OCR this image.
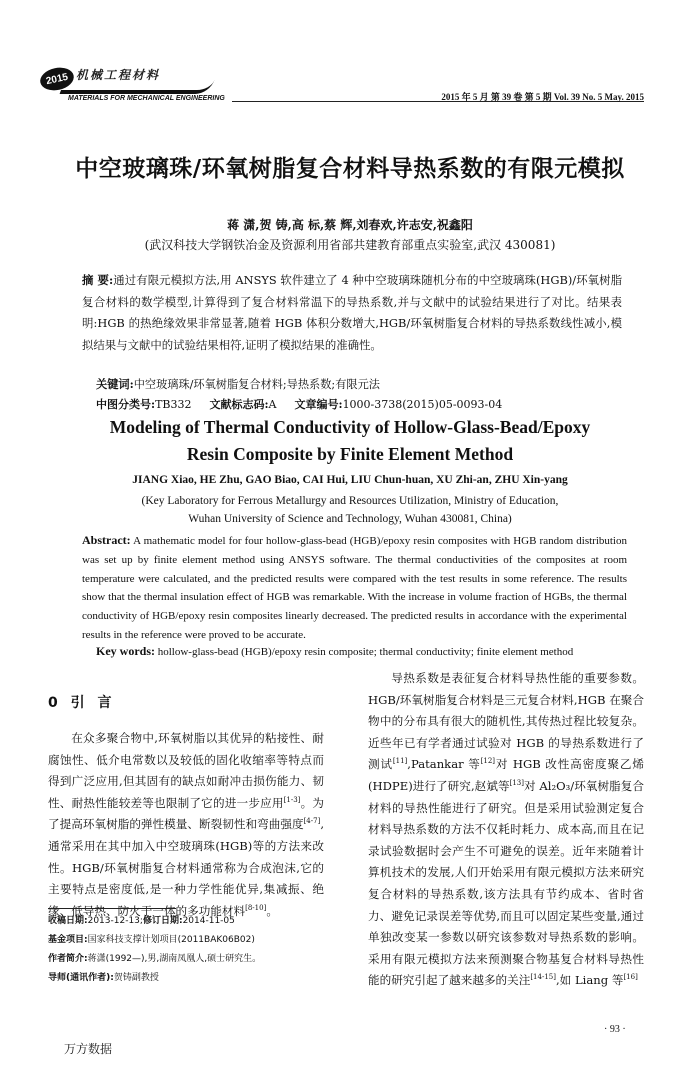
2015 机械工程材料
MATERIALS FOR MECHANICAL ENGINEERING	2015 年 5 月 第 39 卷 第 5 期 Vol. 39 No. 5 May. 2015
中空玻璃珠/环氧树脂复合材料导热系数的有限元模拟
蒋 潇,贺 铸,高 标,蔡 辉,刘春欢,许志安,祝鑫阳
(武汉科技大学钢铁冶金及资源利用省部共建教育部重点实验室,武汉 430081)
摘 要:通过有限元模拟方法,用 ANSYS 软件建立了 4 种中空玻璃珠随机分布的中空玻璃珠(HGB)/环氧树脂复合材料的数学模型,计算得到了复合材料常温下的导热系数,并与文献中的试验结果进行了对比。结果表明:HGB 的热绝缘效果非常显著,随着 HGB 体积分数增大,HGB/环氧树脂复合材料的导热系数线性减小,模拟结果与文献中的试验结果相符,证明了模拟结果的准确性。
关键词:中空玻璃珠/环氧树脂复合材料;导热系数;有限元法
中图分类号:TB332 文献标志码:A 文章编号:1000-3738(2015)05-0093-04
Modeling of Thermal Conductivity of Hollow-Glass-Bead/Epoxy
Resin Composite by Finite Element Method
JIANG Xiao, HE Zhu, GAO Biao, CAI Hui, LIU Chun-huan, XU Zhi-an, ZHU Xin-yang
(Key Laboratory for Ferrous Metallurgy and Resources Utilization, Ministry of Education,
Wuhan University of Science and Technology, Wuhan 430081, China)
Abstract: A mathematic model for four hollow-glass-bead (HGB)/epoxy resin composites with HGB random distribution was set up by finite element method using ANSYS software. The thermal conductivities of the composites at room temperature were calculated, and the predicted results were compared with the test results in some reference. The results show that the thermal insulation effect of HGB was remarkable. With the increase in volume fraction of HGBs, the thermal conductivity of HGB/epoxy resin composites linearly decreased. The predicted results in accordance with the experimental results in the reference were proved to be accurate.
Key words: hollow-glass-bead (HGB)/epoxy resin composite; thermal conductivity; finite element method
0 引 言

在众多聚合物中,环氧树脂以其优异的粘接性、耐腐蚀性、低介电常数以及较低的固化收缩率等特点而得到广泛应用,但其固有的缺点如耐冲击损伤能力、韧性、耐热性能较差等也限制了它的进一步应用[1-3]。为了提高环氧树脂的弹性模量、断裂韧性和弯曲强度[4-7],通常采用在其中加入中空玻璃珠(HGB)等的方法来改性。HGB/环氧树脂复合材料通常称为合成泡沫,它的主要特点是密度低,是一种力学性能优异,集减振、绝缘、低导热、防火于一体的多功能材料[8-10]。

导热系数是表征复合材料导热性能的重要参数。HGB/环氧树脂复合材料是三元复合材料,HGB 在聚合物中的分布具有很大的随机性,其传热过程比较复杂。近些年已有学者通过试验对 HGB 的导热系数进行了测试[11],Patankar 等[12]对 HGB 改性高密度聚乙烯(HDPE)进行了研究,赵斌等[13]对 Al₂O₃/环氧树脂复合材料的导热性能进行了研究。但是采用试验测定复合材料导热系数的方法不仅耗时耗力、成本高,而且在记录试验数据时会产生不可避免的误差。近年来随着计算机技术的发展,人们开始采用有限元模拟方法来研究复合材料的导热系数,该方法具有节约成本、省时省力、避免记录误差等优势,而且可以固定某些变量,通过单独改变某一参数以研究该参数对导热系数的影响。采用有限元模拟方法来预测聚合物基复合材料导热性能的研究引起了越来越多的关注[14-15],如 Liang 等[16]

收稿日期:2013-12-13;修订日期:2014-11-05
基金项目:国家科技支撑计划项目(2011BAK06B02)
作者简介:蒋潇(1992—),男,湖南凤凰人,硕士研究生。
导师(通讯作者):贺铸副教授
· 93 ·
万方数据
